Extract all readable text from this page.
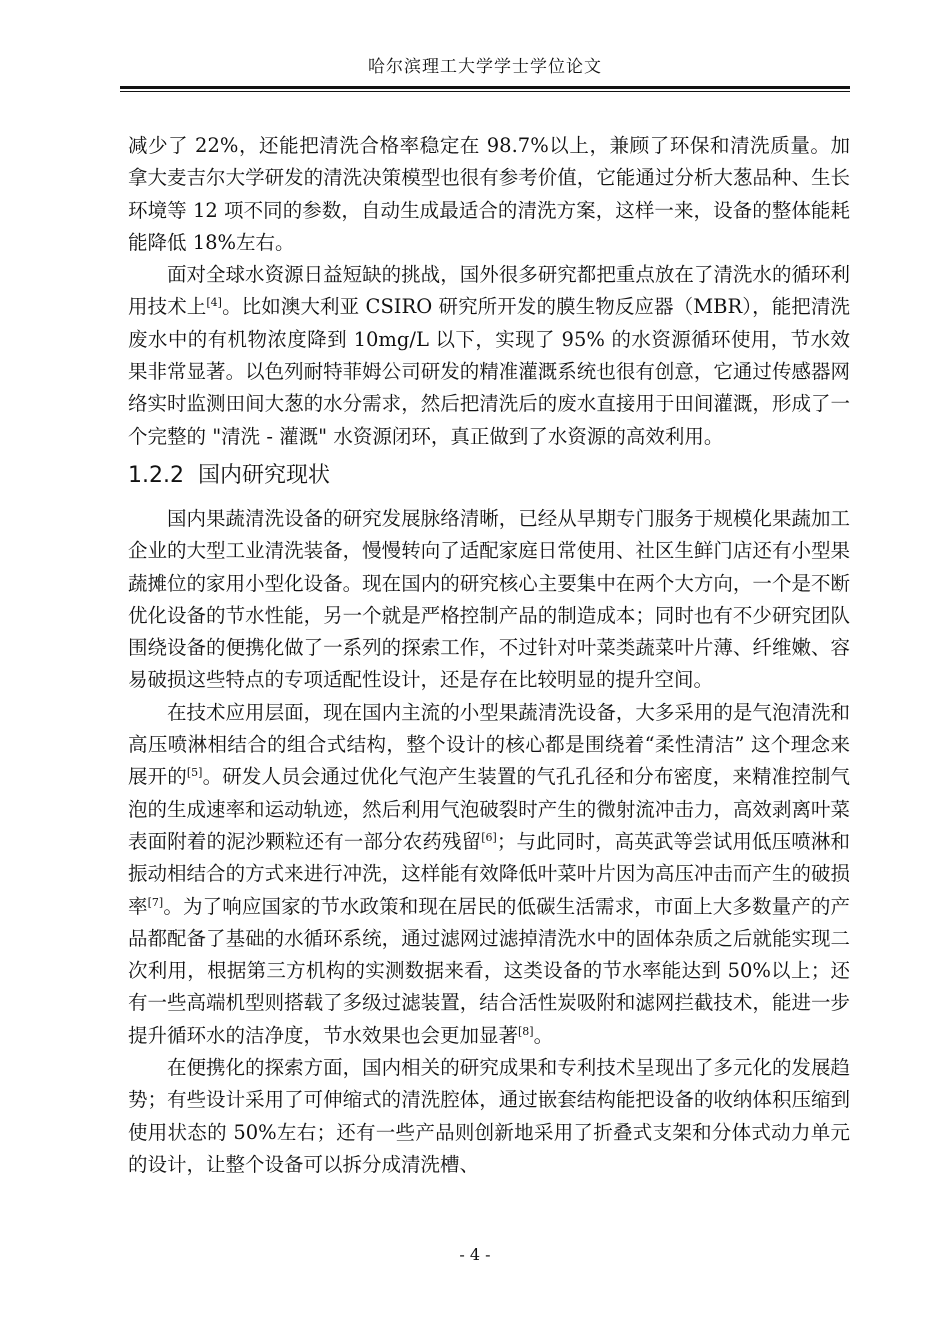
哈尔滨理工大学学士学位论文

减少了 22%，还能把清洗合格率稳定在 98.7%以上，兼顾了环保和清洗质量。加拿大麦吉尔大学研发的清洗决策模型也很有参考价值，它能通过分析大葱品种、生长环境等 12 项不同的参数，自动生成最适合的清洗方案，这样一来，设备的整体能耗能降低 18%左右。

面对全球水资源日益短缺的挑战，国外很多研究都把重点放在了清洗水的循环利用技术上[4]。比如澳大利亚 CSIRO 研究所开发的膜生物反应器（MBR），能把清洗废水中的有机物浓度降到 10mg/L 以下，实现了 95% 的水资源循环使用，节水效果非常显著。以色列耐特菲姆公司研发的精准灌溉系统也很有创意，它通过传感器网络实时监测田间大葱的水分需求，然后把清洗后的废水直接用于田间灌溉，形成了一个完整的 "清洗 - 灌溉" 水资源闭环，真正做到了水资源的高效利用。

1.2.2 国内研究现状

国内果蔬清洗设备的研究发展脉络清晰，已经从早期专门服务于规模化果蔬加工企业的大型工业清洗装备，慢慢转向了适配家庭日常使用、社区生鲜门店还有小型果蔬摊位的家用小型化设备。现在国内的研究核心主要集中在两个大方向，一个是不断优化设备的节水性能，另一个就是严格控制产品的制造成本；同时也有不少研究团队围绕设备的便携化做了一系列的探索工作，不过针对叶菜类蔬菜叶片薄、纤维嫩、容易破损这些特点的专项适配性设计，还是存在比较明显的提升空间。

在技术应用层面，现在国内主流的小型果蔬清洗设备，大多采用的是气泡清洗和高压喷淋相结合的组合式结构，整个设计的核心都是围绕着“柔性清洁” 这个理念来展开的[5]。研发人员会通过优化气泡产生装置的气孔孔径和分布密度，来精准控制气泡的生成速率和运动轨迹，然后利用气泡破裂时产生的微射流冲击力，高效剥离叶菜表面附着的泥沙颗粒还有一部分农药残留[6]；与此同时，高英武等尝试用低压喷淋和振动相结合的方式来进行冲洗，这样能有效降低叶菜叶片因为高压冲击而产生的破损率[7]。为了响应国家的节水政策和现在居民的低碳生活需求，市面上大多数量产的产品都配备了基础的水循环系统，通过滤网过滤掉清洗水中的固体杂质之后就能实现二次利用，根据第三方机构的实测数据来看，这类设备的节水率能达到 50%以上；还有一些高端机型则搭载了多级过滤装置，结合活性炭吸附和滤网拦截技术，能进一步提升循环水的洁净度，节水效果也会更加显著[8]。

在便携化的探索方面，国内相关的研究成果和专利技术呈现出了多元化的发展趋势；有些设计采用了可伸缩式的清洗腔体，通过嵌套结构能把设备的收纳体积压缩到使用状态的 50%左右；还有一些产品则创新地采用了折叠式支架和分体式动力单元的设计，让整个设备可以拆分成清洗槽、

- 4 -
